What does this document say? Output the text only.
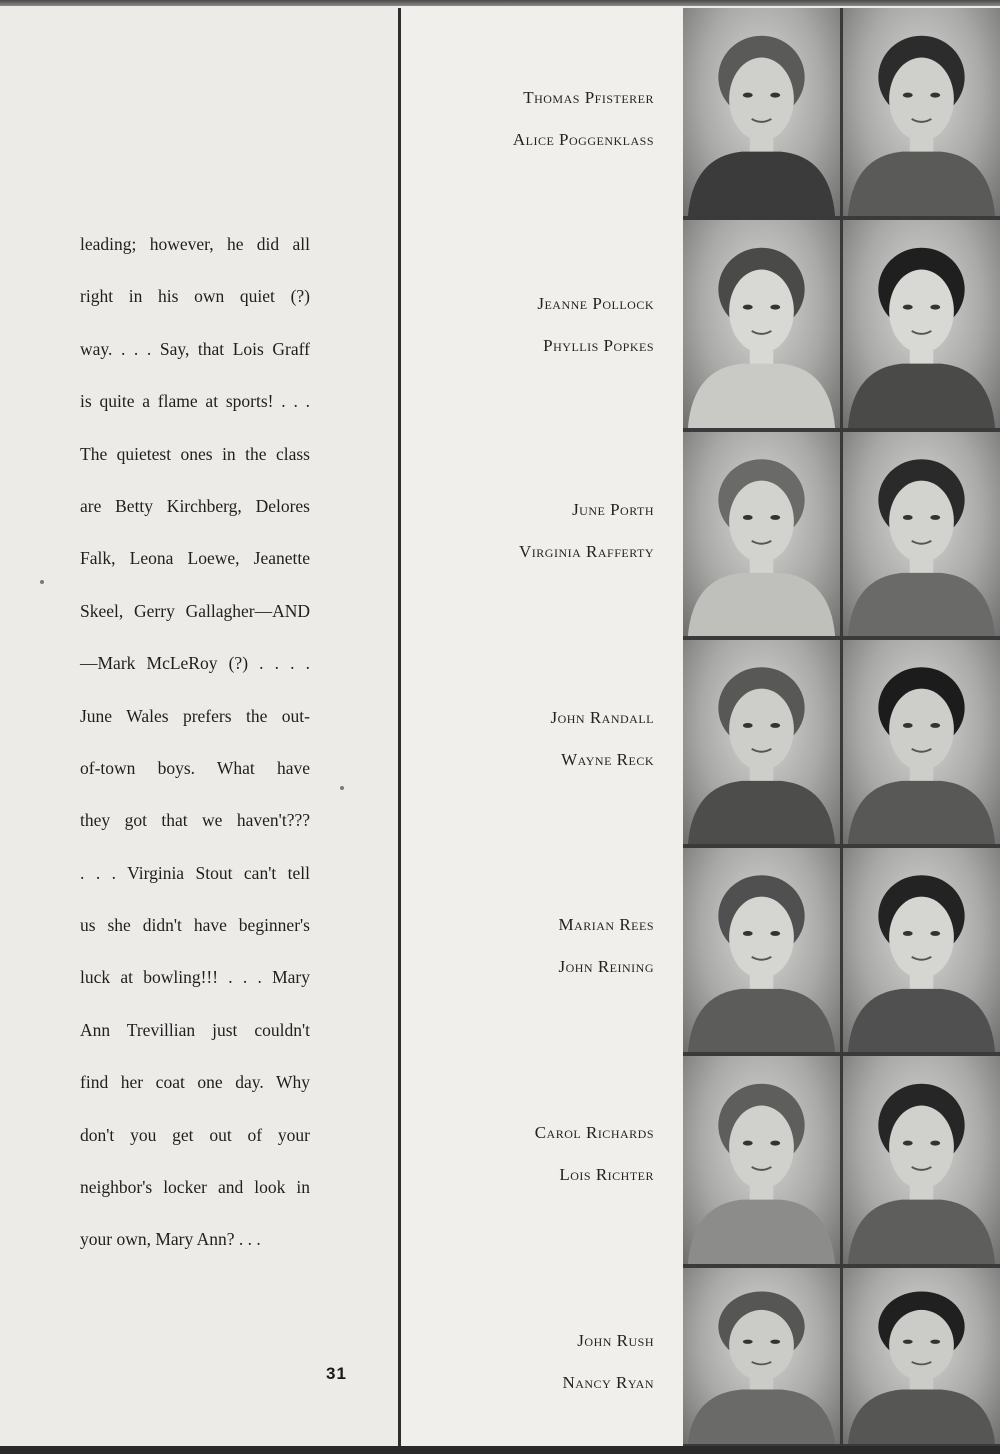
leading; however, he did all
right in his own quiet (?)
way. . . . Say, that Lois Graff
is quite a flame at sports! . . .
The quietest ones in the class
are Betty Kirchberg, Delores
Falk, Leona Loewe, Jeanette
Skeel, Gerry Gallagher—AND
—Mark McLeRoy (?) . . . .
June Wales prefers the out-
of-town boys. What have
they got that we haven't???
. . . Virginia Stout can't tell
us she didn't have beginner's
luck at bowling!!! . . . Mary
Ann Trevillian just couldn't
find her coat one day. Why
don't you get out of your
neighbor's locker and look in
your own, Mary Ann? . . .
31
Thomas Pfisterer
Alice Poggenklass
Jeanne Pollock
Phyllis Popkes
June Porth
Virginia Rafferty
John Randall
Wayne Reck
Marian Rees
John Reining
Carol Richards
Lois Richter
John Rush
Nancy Ryan
